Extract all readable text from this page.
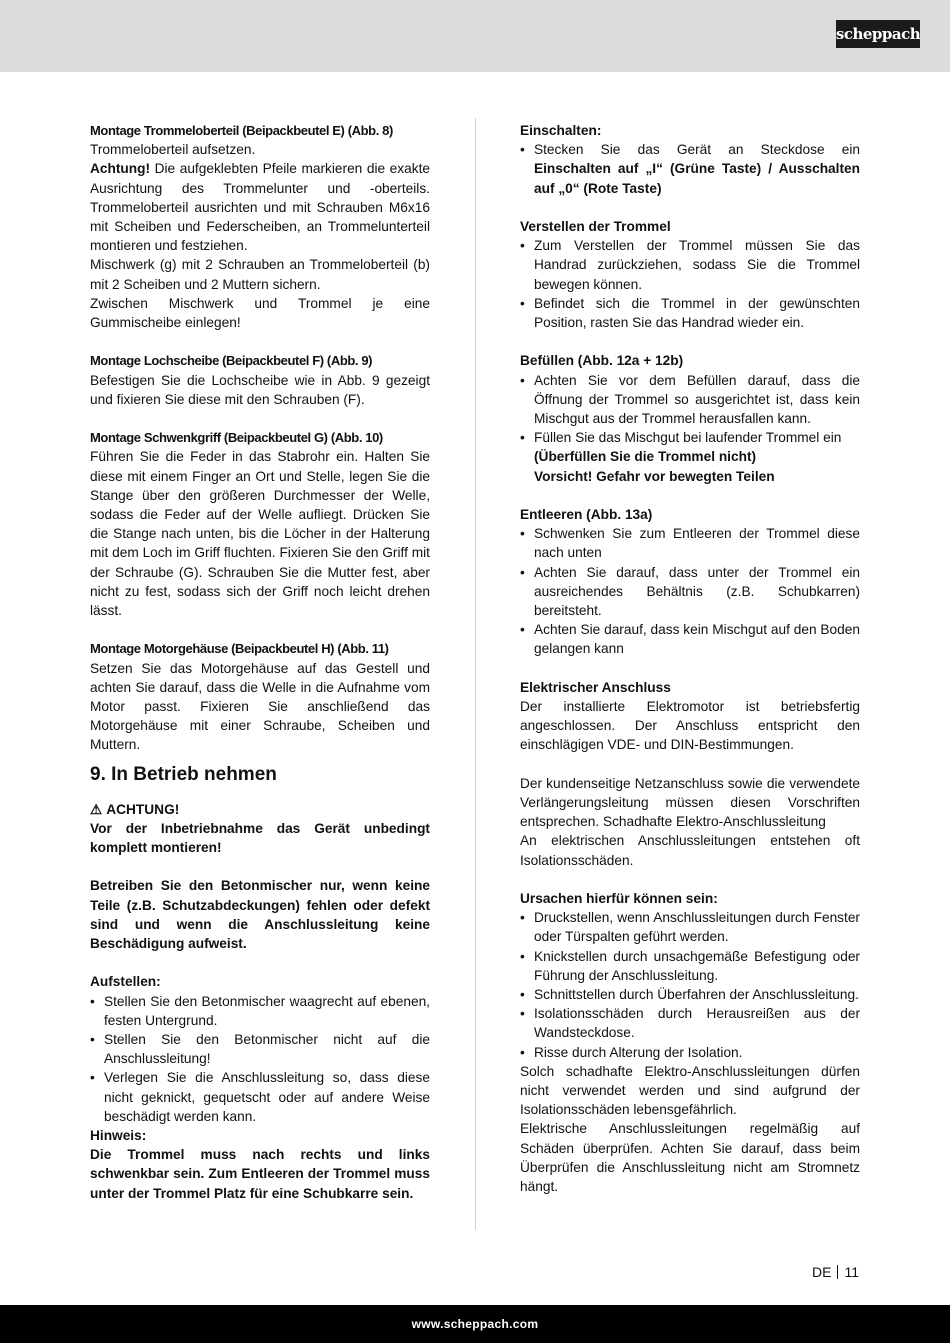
scheppach

Montage Trommeloberteil (Beipackbeutel E) (Abb. 8)

Trommeloberteil aufsetzen.

Achtung! Die aufgeklebten Pfeile markieren die exakte Ausrichtung des Trommelunter und -oberteils. Trommeloberteil ausrichten und mit Schrauben M6x16 mit Scheiben und Federscheiben, an Trommelunterteil montieren und festziehen.

Mischwerk (g) mit 2 Schrauben an Trommeloberteil (b) mit 2 Scheiben und 2 Muttern sichern.

Zwischen Mischwerk und Trommel je eine Gummischeibe einlegen!

Montage Lochscheibe (Beipackbeutel F) (Abb. 9)

Befestigen Sie die Lochscheibe wie in Abb. 9 gezeigt und fixieren Sie diese mit den Schrauben (F).

Montage Schwenkgriff (Beipackbeutel G) (Abb. 10)

Führen Sie die Feder in das Stabrohr ein. Halten Sie diese mit einem Finger an Ort und Stelle, legen Sie die Stange über den größeren Durchmesser der Welle, sodass die Feder auf der Welle aufliegt. Drücken Sie die Stange nach unten, bis die Löcher in der Halterung mit dem Loch im Griff fluchten. Fixieren Sie den Griff mit der Schraube (G). Schrauben Sie die Mutter fest, aber nicht zu fest, sodass sich der Griff noch leicht drehen lässt.

Montage Motorgehäuse (Beipackbeutel H) (Abb. 11)

Setzen Sie das Motorgehäuse auf das Gestell und achten Sie darauf, dass die Welle in die Aufnahme vom Motor passt. Fixieren Sie anschließend das Motorgehäuse mit einer Schraube, Scheiben und Muttern.

9. In Betrieb nehmen

⚠ ACHTUNG!

Vor der Inbetriebnahme das Gerät unbedingt komplett montieren!

Betreiben Sie den Betonmischer nur, wenn keine Teile (z.B. Schutzabdeckungen) fehlen oder defekt sind und wenn die Anschlussleitung keine Beschädigung aufweist.

Aufstellen:

• Stellen Sie den Betonmischer waagrecht auf ebenen, festen Untergrund.
• Stellen Sie den Betonmischer nicht auf die Anschlussleitung!
• Verlegen Sie die Anschlussleitung so, dass diese nicht geknickt, gequetscht oder auf andere Weise beschädigt werden kann.

Hinweis:

Die Trommel muss nach rechts und links schwenkbar sein. Zum Entleeren der Trommel muss unter der Trommel Platz für eine Schubkarre sein.

Einschalten:

• Stecken Sie das Gerät an Steckdose ein Einschalten auf „I“ (Grüne Taste) / Ausschalten auf „0“ (Rote Taste)

Verstellen der Trommel

• Zum Verstellen der Trommel müssen Sie das Handrad zurückziehen, sodass Sie die Trommel bewegen können.
• Befindet sich die Trommel in der gewünschten Position, rasten Sie das Handrad wieder ein.

Befüllen (Abb. 12a + 12b)

• Achten Sie vor dem Befüllen darauf, dass die Öffnung der Trommel so ausgerichtet ist, dass kein Mischgut aus der Trommel herausfallen kann.
• Füllen Sie das Mischgut bei laufender Trommel ein
(Überfüllen Sie die Trommel nicht)
Vorsicht! Gefahr vor bewegten Teilen

Entleeren (Abb. 13a)

• Schwenken Sie zum Entleeren der Trommel diese nach unten
• Achten Sie darauf, dass unter der Trommel ein ausreichendes Behältnis (z.B. Schubkarren) bereitsteht.
• Achten Sie darauf, dass kein Mischgut auf den Boden gelangen kann

Elektrischer Anschluss

Der installierte Elektromotor ist betriebsfertig angeschlossen. Der Anschluss entspricht den einschlägigen VDE- und DIN-Bestimmungen.

Der kundenseitige Netzanschluss sowie die verwendete Verlängerungsleitung müssen diesen Vorschriften entsprechen. Schadhafte Elektro-Anschlussleitung

An elektrischen Anschlussleitungen entstehen oft Isolationsschäden.

Ursachen hierfür können sein:

• Druckstellen, wenn Anschlussleitungen durch Fenster oder Türspalten geführt werden.
• Knickstellen durch unsachgemäße Befestigung oder Führung der Anschlussleitung.
• Schnittstellen durch Überfahren der Anschlussleitung.
• Isolationsschäden durch Herausreißen aus der Wandsteckdose.
• Risse durch Alterung der Isolation.

Solch schadhafte Elektro-Anschlussleitungen dürfen nicht verwendet werden und sind aufgrund der Isolationsschäden lebensgefährlich.

Elektrische Anschlussleitungen regelmäßig auf Schäden überprüfen. Achten Sie darauf, dass beim Überprüfen die Anschlussleitung nicht am Stromnetz hängt.

DE 11
www.scheppach.com
